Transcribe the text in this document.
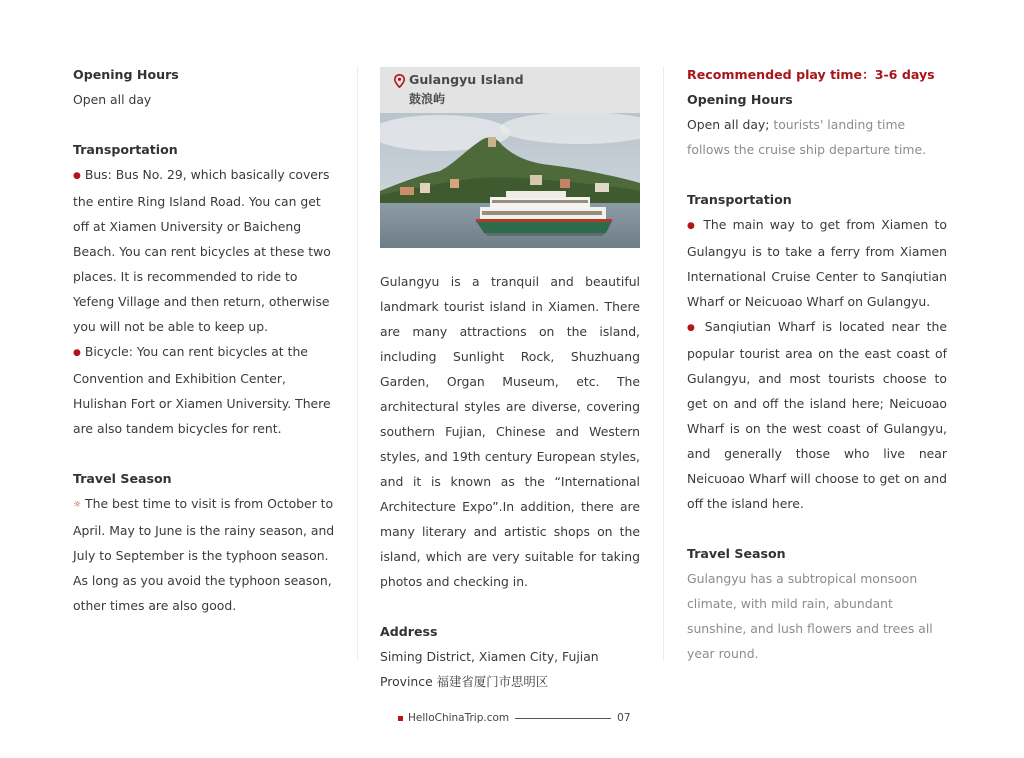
Opening Hours

Open all day

Transportation

● Bus: Bus No. 29, which basically covers the entire Ring Island Road. You can get off at Xiamen University or Baicheng Beach. You can rent bicycles at these two places. It is recommended to ride to Yefeng Village and then return, otherwise you will not be able to keep up.

● Bicycle: You can rent bicycles at the Convention and Exhibition Center, Hulishan Fort or Xiamen University. There are also tandem bicycles for rent.

Travel Season

☼ The best time to visit is from October to April. May to June is the rainy season, and July to September is the typhoon season. As long as you avoid the typhoon season, other times are also good.

Gulangyu Island
鼓浪屿

Gulangyu is a tranquil and beautiful landmark tourist island in Xiamen. There are many attractions on the island, including Sunlight Rock, Shuzhuang Garden, Organ Museum, etc. The architectural styles are diverse, covering southern Fujian, Chinese and Western styles, and 19th century European styles, and it is known as the “International Architecture Expo”.In addition, there are many literary and artistic shops on the island, which are very suitable for taking photos and checking in.

Address

Siming District, Xiamen City, Fujian Province 福建省厦门市思明区

Recommended play time：3-6 days
Opening Hours

Open all day; tourists' landing time follows the cruise ship departure time.

Transportation

● The main way to get from Xiamen to Gulangyu is to take a ferry from Xiamen International Cruise Center to Sanqiutian Wharf or Neicuoao Wharf on Gulangyu.

● Sanqiutian Wharf is located near the popular tourist area on the east coast of Gulangyu, and most tourists choose to get on and off the island here; Neicuoao Wharf is on the west coast of Gulangyu, and generally those who live near Neicuoao Wharf will choose to get on and off the island here.

Travel Season

Gulangyu has a subtropical monsoon climate, with mild rain, abundant sunshine, and lush flowers and trees all year round.

HelloChinaTrip.com	07
